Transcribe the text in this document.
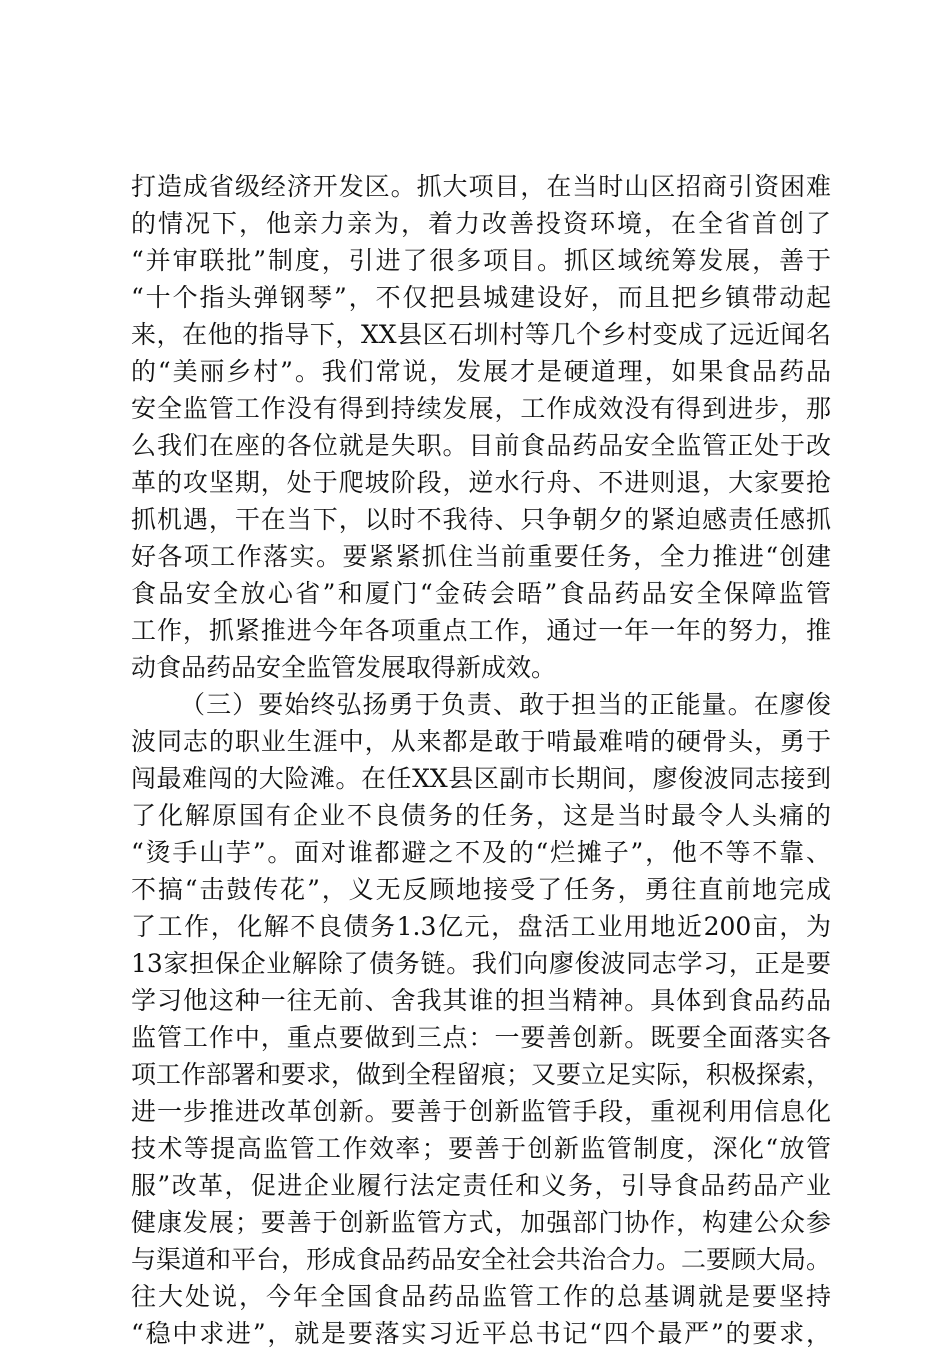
打造成省级经济开发区。抓大项目，在当时山区招商引资困难
的情况下，他亲力亲为，着力改善投资环境，在全省首创了
“并审联批”制度，引进了很多项目。抓区域统筹发展，善于
“十个指头弹钢琴”，不仅把县城建设好，而且把乡镇带动起
来，在他的指导下，XX县区石圳村等几个乡村变成了远近闻名
的“美丽乡村”。我们常说，发展才是硬道理，如果食品药品
安全监管工作没有得到持续发展，工作成效没有得到进步，那
么我们在座的各位就是失职。目前食品药品安全监管正处于改
革的攻坚期，处于爬坡阶段，逆水行舟、不进则退，大家要抢
抓机遇，干在当下，以时不我待、只争朝夕的紧迫感责任感抓
好各项工作落实。要紧紧抓住当前重要任务，全力推进“创建
食品安全放心省”和厦门“金砖会晤”食品药品安全保障监管
工作，抓紧推进今年各项重点工作，通过一年一年的努力，推
动食品药品安全监管发展取得新成效。
（三）要始终弘扬勇于负责、敢于担当的正能量。在廖俊
波同志的职业生涯中，从来都是敢于啃最难啃的硬骨头，勇于
闯最难闯的大险滩。在任XX县区副市长期间，廖俊波同志接到
了化解原国有企业不良债务的任务，这是当时最令人头痛的
“烫手山芋”。面对谁都避之不及的“烂摊子”，他不等不靠、
不搞“击鼓传花”，义无反顾地接受了任务，勇往直前地完成
了工作，化解不良债务1.3亿元，盘活工业用地近200亩，为
13家担保企业解除了债务链。我们向廖俊波同志学习，正是要
学习他这种一往无前、舍我其谁的担当精神。具体到食品药品
监管工作中，重点要做到三点：一要善创新。既要全面落实各
项工作部署和要求，做到全程留痕；又要立足实际，积极探索，
进一步推进改革创新。要善于创新监管手段，重视利用信息化
技术等提高监管工作效率；要善于创新监管制度，深化“放管
服”改革，促进企业履行法定责任和义务，引导食品药品产业
健康发展；要善于创新监管方式，加强部门协作，构建公众参
与渠道和平台，形成食品药品安全社会共治合力。二要顾大局。
往大处说，今年全国食品药品监管工作的总基调就是要坚持
“稳中求进”，就是要落实习近平总书记“四个最严”的要求，
